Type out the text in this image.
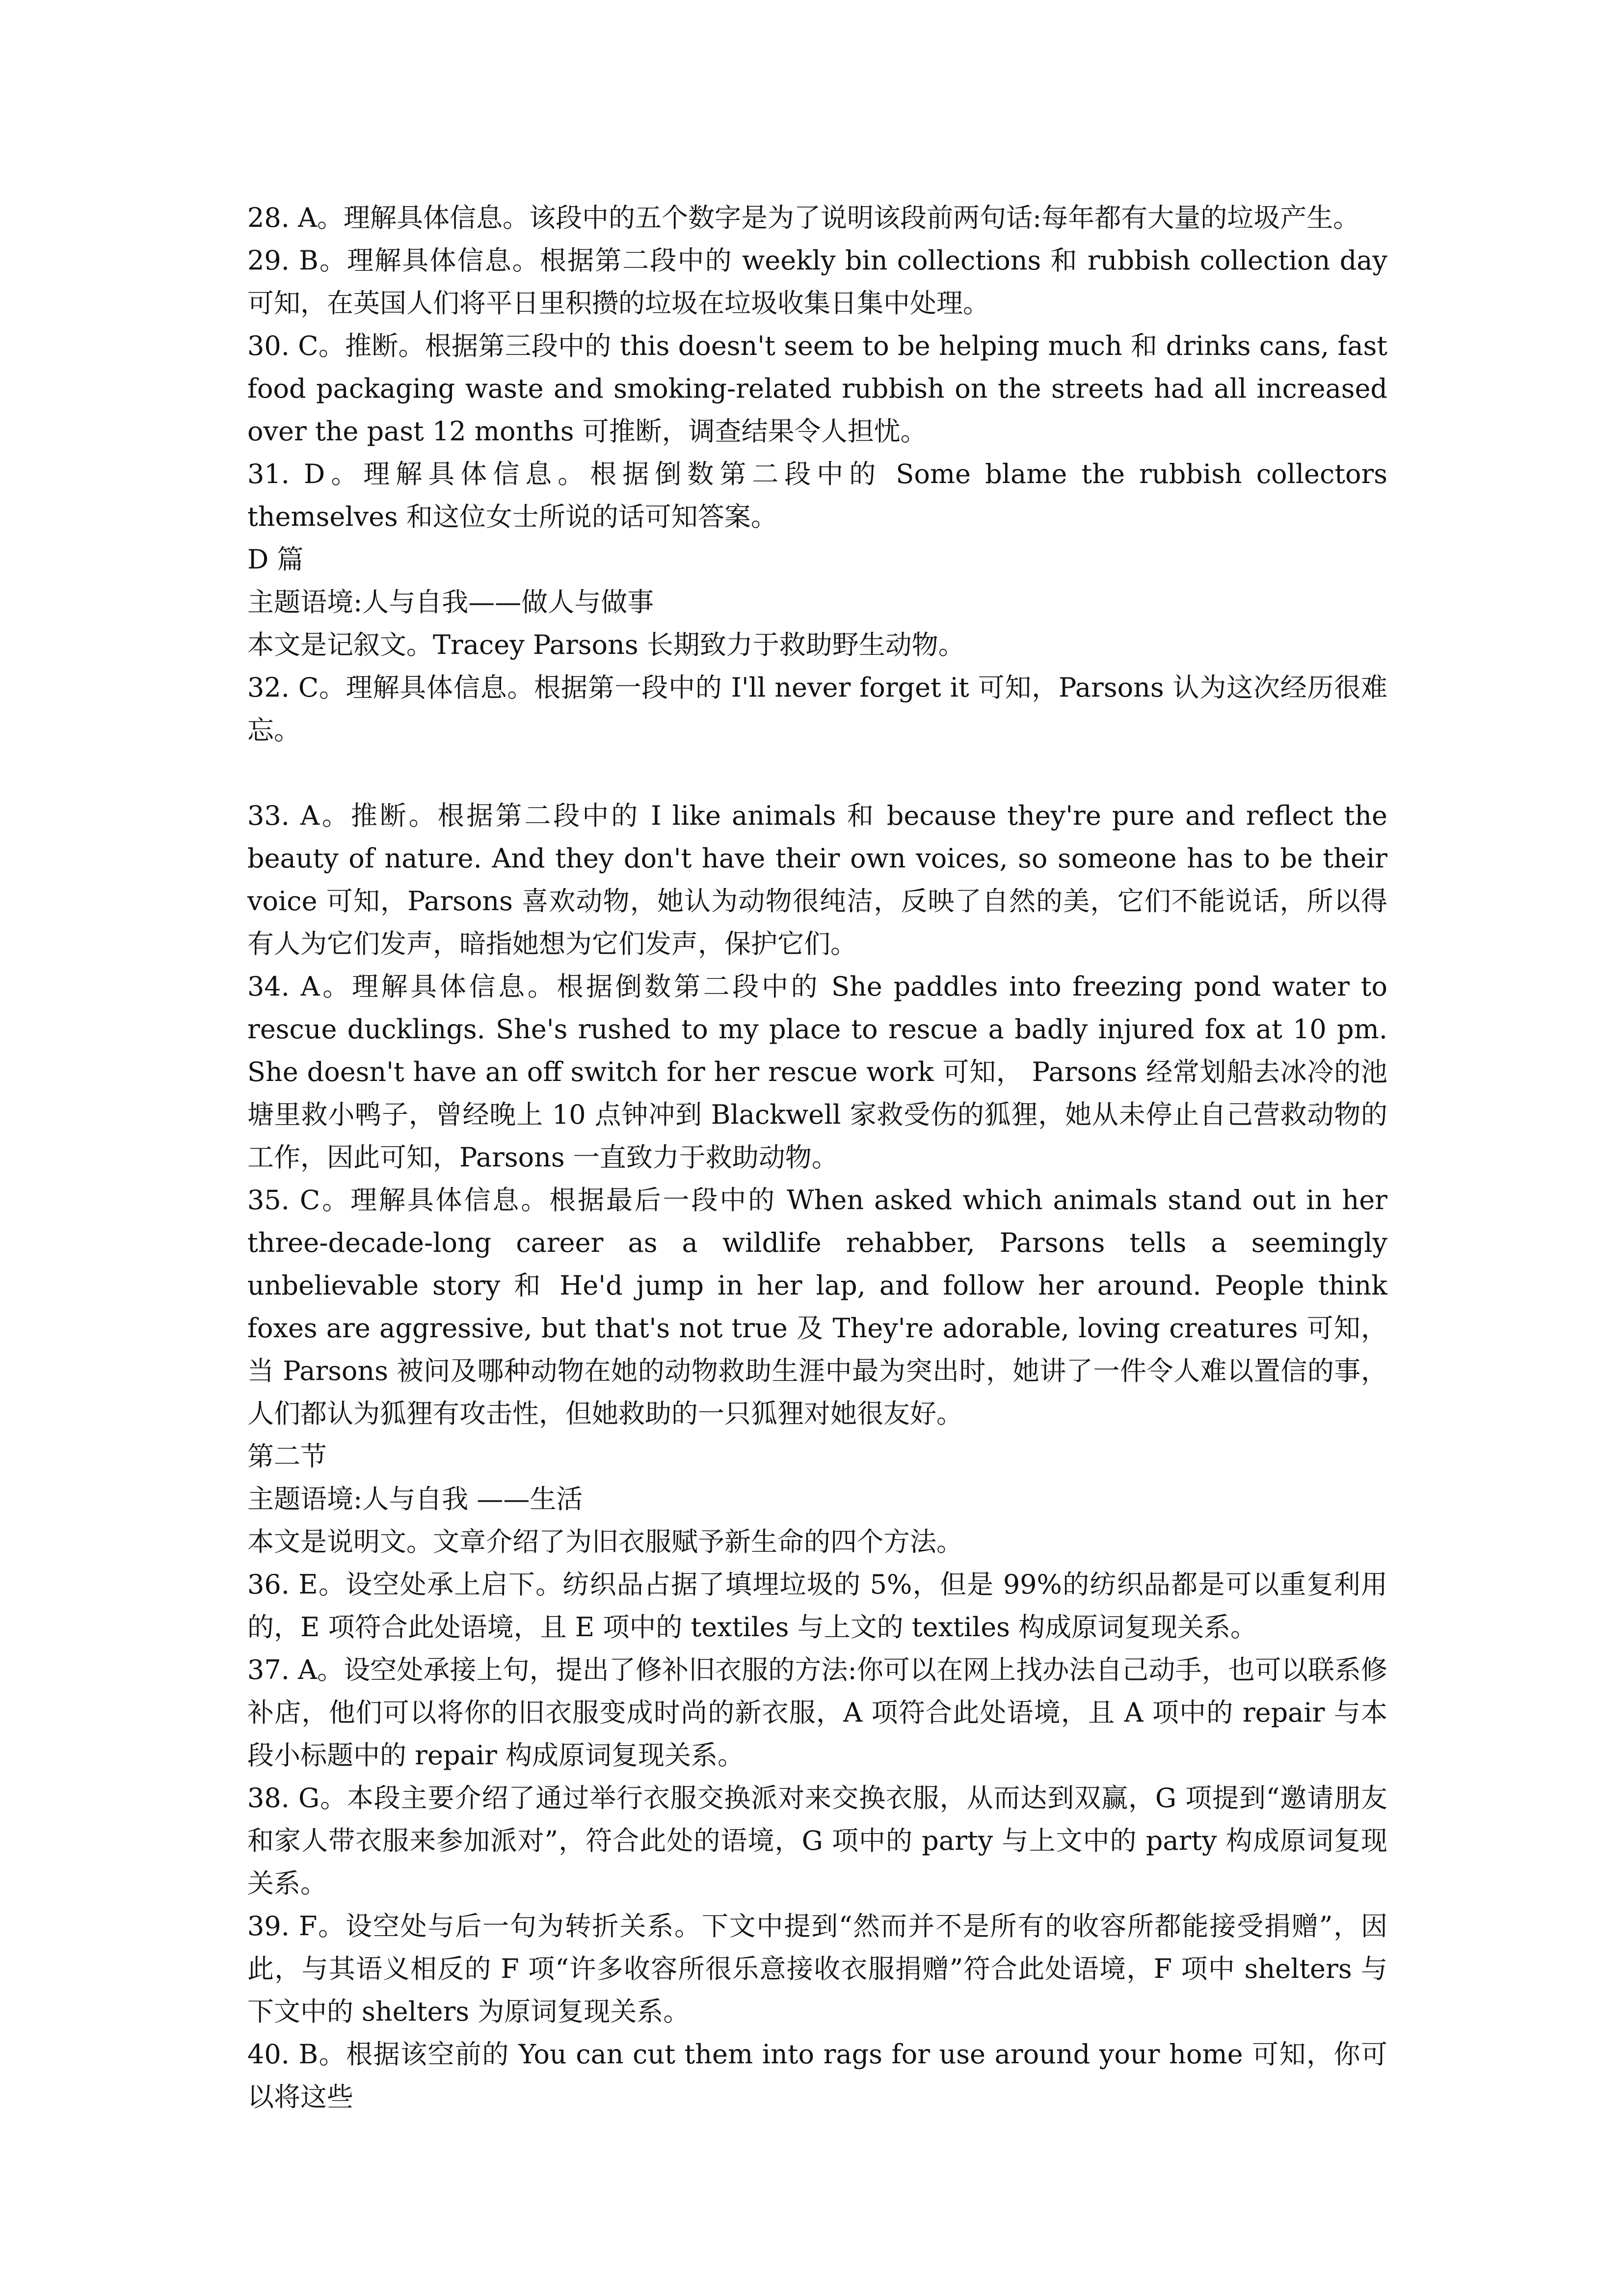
28. A。理解具体信息。该段中的五个数字是为了说明该段前两句话:每年都有大量的垃圾产生。

29. B。理解具体信息。根据第二段中的 weekly bin collections 和 rubbish collection day 可知，在英国人们将平日里积攒的垃圾在垃圾收集日集中处理。

30. C。推断。根据第三段中的 this doesn't seem to be helping much 和 drinks cans, fast food packaging waste and smoking-related rubbish on the streets had all increased over the past 12 months 可推断，调查结果令人担忧。

31. D。理解具体信息。根据倒数第二段中的 Some blame the rubbish collectors themselves 和这位女士所说的话可知答案。

D 篇

主题语境:人与自我——做人与做事

本文是记叙文。Tracey Parsons 长期致力于救助野生动物。

32. C。理解具体信息。根据第一段中的 I'll never forget it 可知，Parsons 认为这次经历很难忘。

33. A。推断。根据第二段中的 I like animals 和 because they're pure and reflect the beauty of nature. And they don't have their own voices, so someone has to be their voice 可知，Parsons 喜欢动物，她认为动物很纯洁，反映了自然的美，它们不能说话，所以得有人为它们发声，暗指她想为它们发声，保护它们。

34. A。理解具体信息。根据倒数第二段中的 She paddles into freezing pond water to rescue ducklings. She's rushed to my place to rescue a badly injured fox at 10 pm. She doesn't have an off switch for her rescue work 可知， Parsons 经常划船去冰冷的池塘里救小鸭子，曾经晚上 10 点钟冲到 Blackwell 家救受伤的狐狸，她从未停止自己营救动物的工作，因此可知，Parsons 一直致力于救助动物。

35. C。理解具体信息。根据最后一段中的 When asked which animals stand out in her three-decade-long career as a wildlife rehabber, Parsons tells a seemingly unbelievable story 和 He'd jump in her lap, and follow her around. People think foxes are aggressive, but that's not true 及 They're adorable, loving creatures 可知，当 Parsons 被问及哪种动物在她的动物救助生涯中最为突出时，她讲了一件令人难以置信的事，人们都认为狐狸有攻击性，但她救助的一只狐狸对她很友好。

第二节

主题语境:人与自我 ——生活

本文是说明文。文章介绍了为旧衣服赋予新生命的四个方法。

36. E。设空处承上启下。纺织品占据了填埋垃圾的 5%，但是 99%的纺织品都是可以重复利用的，E 项符合此处语境，且 E 项中的 textiles 与上文的 textiles 构成原词复现关系。

37. A。设空处承接上句，提出了修补旧衣服的方法:你可以在网上找办法自己动手，也可以联系修补店，他们可以将你的旧衣服变成时尚的新衣服，A 项符合此处语境，且 A 项中的 repair 与本段小标题中的 repair 构成原词复现关系。

38. G。本段主要介绍了通过举行衣服交换派对来交换衣服，从而达到双赢，G 项提到“邀请朋友和家人带衣服来参加派对”，符合此处的语境，G 项中的 party 与上文中的 party 构成原词复现关系。

39. F。设空处与后一句为转折关系。下文中提到“然而并不是所有的收容所都能接受捐赠”，因此，与其语义相反的 F 项“许多收容所很乐意接收衣服捐赠”符合此处语境，F 项中 shelters 与下文中的 shelters 为原词复现关系。

40. B。根据该空前的 You can cut them into rags for use around your home 可知，你可以将这些
